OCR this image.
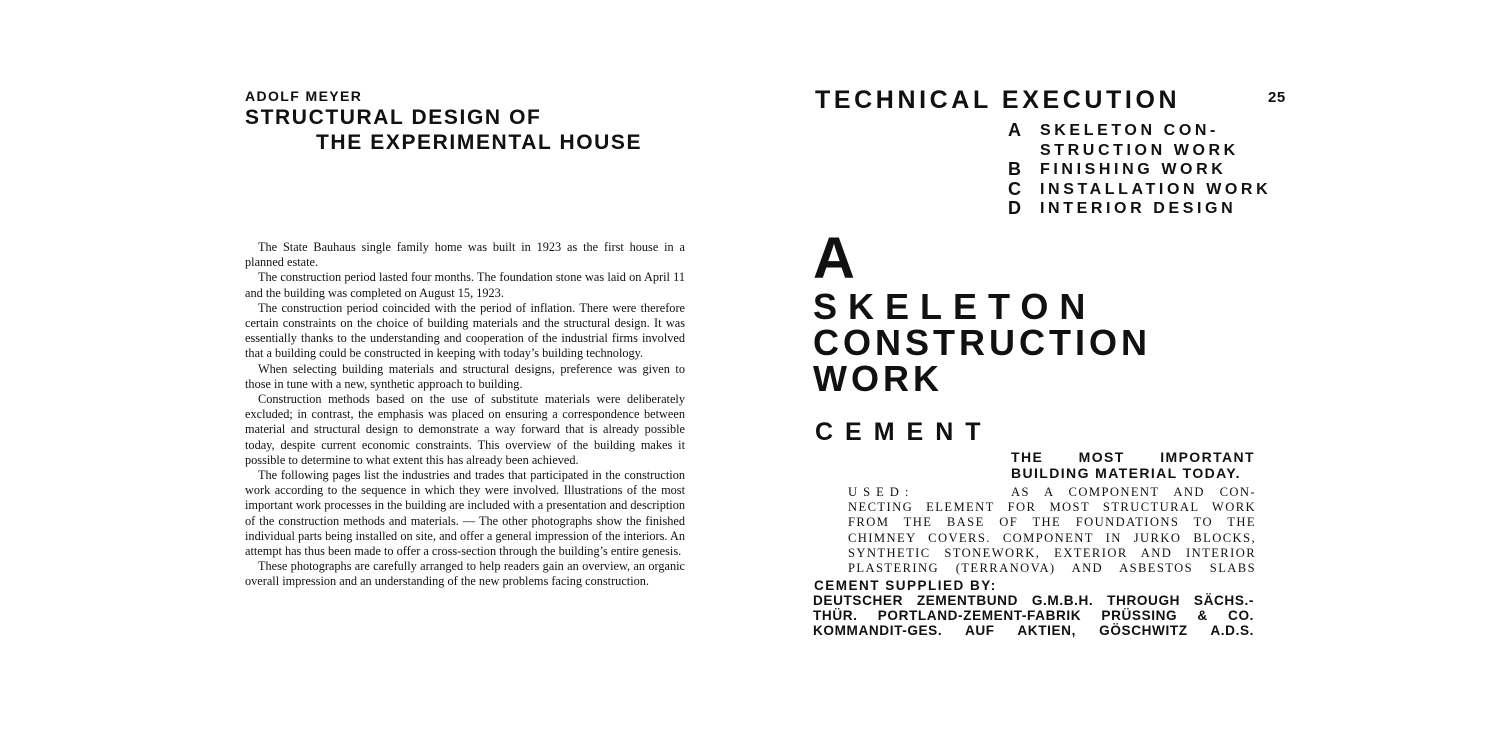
ADOLF MEYER
STRUCTURAL DESIGN OF
THE EXPERIMENTAL HOUSE

The State Bauhaus single family home was built in 1923 as the first house in a planned estate.

The construction period lasted four months. The foundation stone was laid on April 11 and the building was completed on August 15, 1923.

The construction period coincided with the period of inflation. There were therefore certain constraints on the choice of building materials and the structural design. It was essentially thanks to the understanding and cooperation of the industrial firms involved that a building could be constructed in keeping with today’s building technology.

When selecting building materials and structural designs, preference was given to those in tune with a new, synthetic approach to building.

Construction methods based on the use of substitute materials were deliberately excluded; in contrast, the emphasis was placed on ensuring a correspondence between material and structural design to demonstrate a way forward that is already possible today, despite current economic constraints. This overview of the building makes it possible to determine to what extent this has already been achieved.

The following pages list the industries and trades that participated in the construction work according to the sequence in which they were involved. Illustrations of the most important work processes in the building are included with a presentation and description of the construction methods and materials. — The other photographs show the finished individual parts being installed on site, and offer a general impression of the interiors. An attempt has thus been made to offer a cross-section through the building’s entire genesis.

These photographs are carefully arranged to help readers gain an overview, an organic overall impression and an understanding of the new problems facing construction.

TECHNICAL EXECUTION	25
A SKELETON CON-
STRUCTION WORK
B FINISHING WORK
C INSTALLATION WORK
D INTERIOR DESIGN
A
SKELETON
CONSTRUCTION
WORK
CEMENT
THE MOST IMPORTANT
BUILDING MATERIAL TODAY.
USED:	AS A COMPONENT AND CON-
NECTING ELEMENT FOR MOST STRUCTURAL WORK
FROM THE BASE OF THE FOUNDATIONS TO THE
CHIMNEY COVERS. COMPONENT IN JURKO BLOCKS,
SYNTHETIC STONEWORK, EXTERIOR AND INTERIOR
PLASTERING (TERRANOVA) AND ASBESTOS SLABS
CEMENT SUPPLIED BY:
DEUTSCHER ZEMENTBUND G.M.B.H. THROUGH SÄCHS.-
THÜR. PORTLAND-ZEMENT-FABRIK PRÜSSING & CO.
KOMMANDIT-GES. AUF AKTIEN, GÖSCHWITZ A.D.S.
